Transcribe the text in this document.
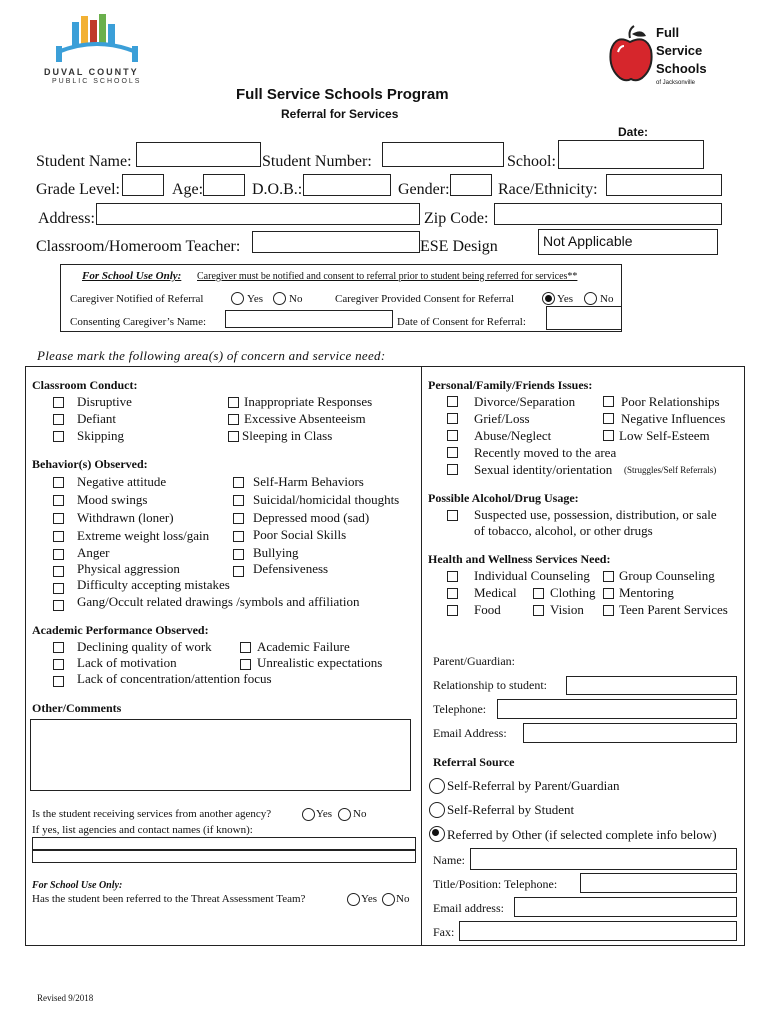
DUVAL COUNTY
PUBLIC SCHOOLS
Full
Service
Schools
of Jacksonville
Full Service Schools Program
Referral for Services
Date:
Student Name:	Student Number:	School:
Grade Level:	Age:	D.O.B.:	Gender:	Race/Ethnicity:
Address:	Zip Code:
Classroom/Homeroom Teacher:	ESE Design	Not Applicable
For School Use Only: Caregiver must be notified and consent to referral prior to student being referred for services**
Caregiver Notified of Referral	Yes No	Caregiver Provided Consent for Referral	Yes No
Consenting Caregiver’s Name:	Date of Consent for Referral:
Please mark the following area(s) of concern and service need:
Classroom Conduct:
Disruptive
Defiant
Skipping
Inappropriate Responses
Excessive Absenteeism
Sleeping in Class
Behavior(s) Observed:
Negative attitude
Mood swings
Withdrawn (loner)
Extreme weight loss/gain
Anger
Physical aggression
Difficulty accepting mistakes
Gang/Occult related drawings /symbols and affiliation
Self-Harm Behaviors
Suicidal/homicidal thoughts
Depressed mood (sad)
Poor Social Skills
Bullying
Defensiveness
Academic Performance Observed:
Declining quality of work
Lack of motivation
Lack of concentration/attention focus
Academic Failure
Unrealistic expectations
Other/Comments
Is the student receiving services from another agency?	Yes No
If yes, list agencies and contact names (if known):
For School Use Only:
Has the student been referred to the Threat Assessment Team?	Yes No
Personal/Family/Friends Issues:
Divorce/Separation
Grief/Loss
Abuse/Neglect
Recently moved to the area
Sexual identity/orientation (Struggles/Self Referrals)
Poor Relationships
Negative Influences
Low Self-Esteem
Possible Alcohol/Drug Usage:
Suspected use, possession, distribution, or sale
of tobacco, alcohol, or other drugs
Health and Wellness Services Need:
Individual Counseling
Medical
Food
Clothing
Vision
Group Counseling
Mentoring
Teen Parent Services
Parent/Guardian:
Relationship to student:
Telephone:
Email Address:
Referral Source
Self-Referral by Parent/Guardian
Self-Referral by Student
Referred by Other (if selected complete info below)
Name:
Title/Position: Telephone:
Email address:
Fax:
Revised 9/2018
